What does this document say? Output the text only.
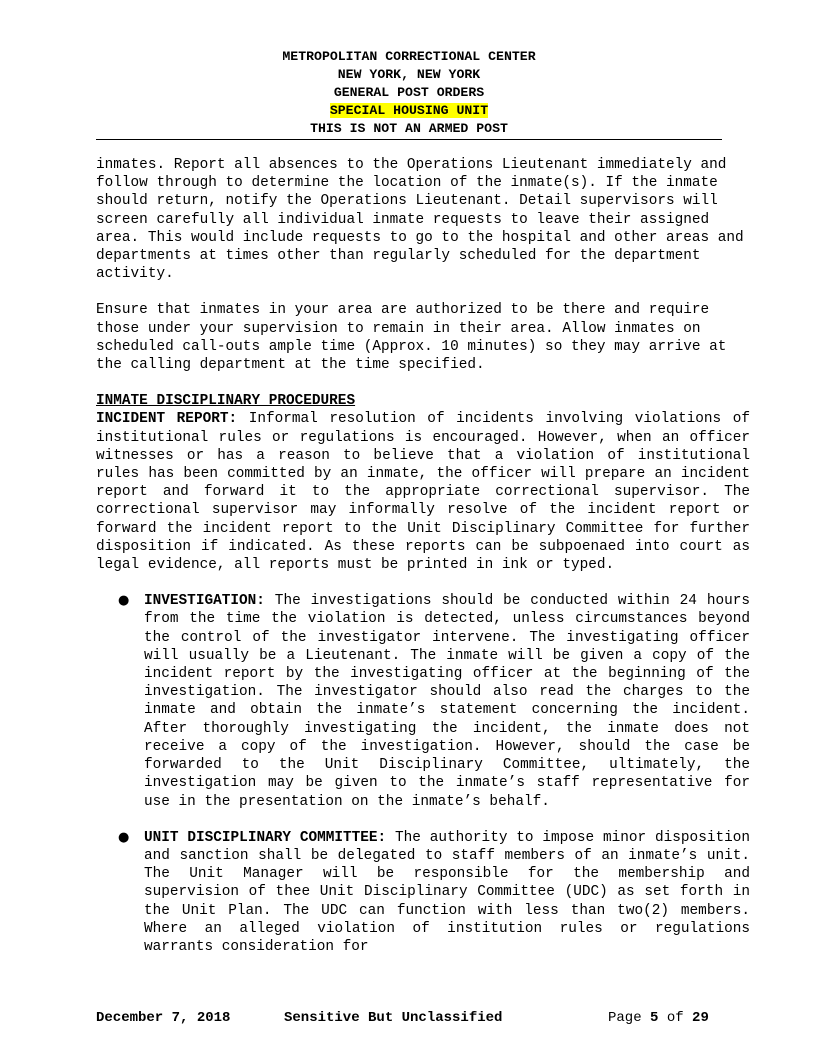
METROPOLITAN CORRECTIONAL CENTER
NEW YORK, NEW YORK
GENERAL POST ORDERS
SPECIAL HOUSING UNIT
THIS IS NOT AN ARMED POST

inmates. Report all absences to the Operations Lieutenant immediately and follow through to determine the location of the inmate(s). If the inmate should return, notify the Operations Lieutenant. Detail supervisors will screen carefully all individual inmate requests to leave their assigned area. This would include requests to go to the hospital and other areas and departments at times other than regularly scheduled for the department activity.

Ensure that inmates in your area are authorized to be there and require those under your supervision to remain in their area. Allow inmates on scheduled call-outs ample time (Approx. 10 minutes) so they may arrive at the calling department at the time specified.

INMATE DISCIPLINARY PROCEDURES

INCIDENT REPORT: Informal resolution of incidents involving violations of institutional rules or regulations is encouraged. However, when an officer witnesses or has a reason to believe that a violation of institutional rules has been committed by an inmate, the officer will prepare an incident report and forward it to the appropriate correctional supervisor. The correctional supervisor may informally resolve of the incident report or forward the incident report to the Unit Disciplinary Committee for further disposition if indicated. As these reports can be subpoenaed into court as legal evidence, all reports must be printed in ink or typed.

● INVESTIGATION: The investigations should be conducted within 24 hours from the time the violation is detected, unless circumstances beyond the control of the investigator intervene. The investigating officer will usually be a Lieutenant. The inmate will be given a copy of the incident report by the investigating officer at the beginning of the investigation. The investigator should also read the charges to the inmate and obtain the inmate’s statement concerning the incident. After thoroughly investigating the incident, the inmate does not receive a copy of the investigation. However, should the case be forwarded to the Unit Disciplinary Committee, ultimately, the investigation may be given to the inmate’s staff representative for use in the presentation on the inmate’s behalf.
● UNIT DISCIPLINARY COMMITTEE: The authority to impose minor disposition and sanction shall be delegated to staff members of an inmate’s unit. The Unit Manager will be responsible for the membership and supervision of thee Unit Disciplinary Committee (UDC) as set forth in the Unit Plan. The UDC can function with less than two(2) members. Where an alleged violation of institution rules or regulations warrants consideration for
December 7, 2018	Sensitive But Unclassified	Page 5 of 29
